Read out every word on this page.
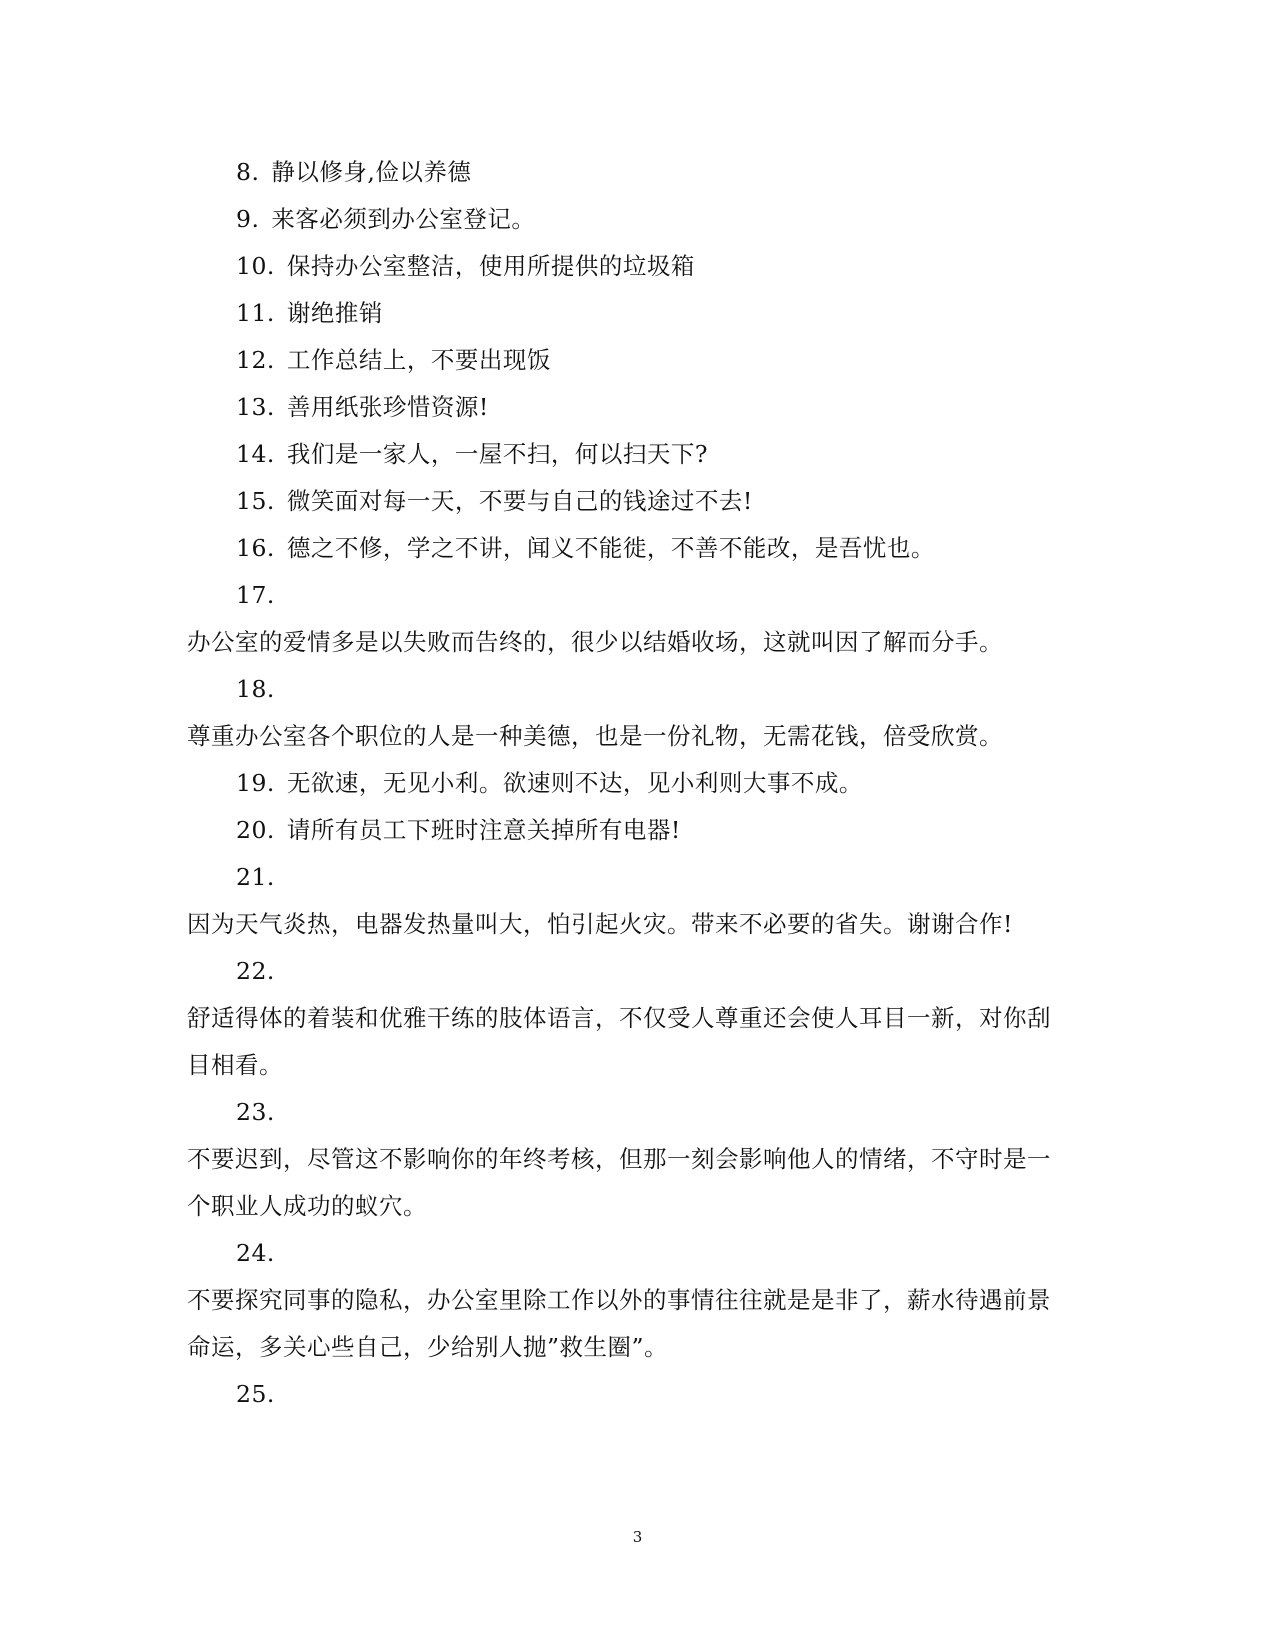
8. 静以修身,俭以养德
9. 来客必须到办公室登记。
10. 保持办公室整洁，使用所提供的垃圾箱
11. 谢绝推销
12. 工作总结上，不要出现饭
13. 善用纸张珍惜资源!
14. 我们是一家人，一屋不扫，何以扫天下?
15. 微笑面对每一天，不要与自己的钱途过不去!
16. 德之不修，学之不讲，闻义不能徙，不善不能改，是吾忧也。
17.
办公室的爱情多是以失败而告终的，很少以结婚收场，这就叫因了解而分手。
18.
尊重办公室各个职位的人是一种美德，也是一份礼物，无需花钱，倍受欣赏。
19. 无欲速，无见小利。欲速则不达，见小利则大事不成。
20. 请所有员工下班时注意关掉所有电器!
21.
因为天气炎热，电器发热量叫大，怕引起火灾。带来不必要的省失。谢谢合作!
22.
舒适得体的着装和优雅干练的肢体语言，不仅受人尊重还会使人耳目一新，对你刮
目相看。
23.
不要迟到，尽管这不影响你的年终考核，但那一刻会影响他人的情绪，不守时是一
个职业人成功的蚁穴。
24.
不要探究同事的隐私，办公室里除工作以外的事情往往就是是非了，薪水待遇前景
命运，多关心些自己，少给别人抛”救生圈”。
25.
3
